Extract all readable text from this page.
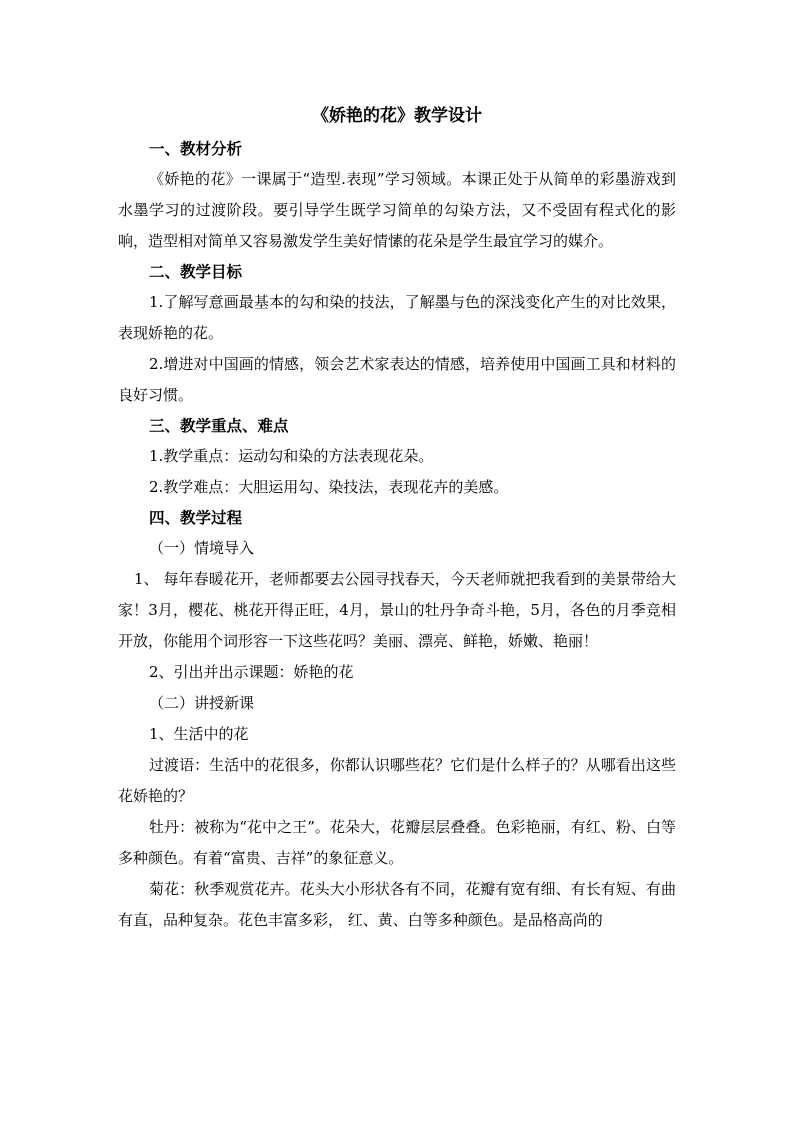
《娇艳的花》教学设计
一、教材分析

《娇艳的花》一课属于“造型.表现”学习领域。本课正处于从简单的彩墨游戏到水墨学习的过渡阶段。要引导学生既学习简单的勾染方法，又不受固有程式化的影响，造型相对简单又容易激发学生美好情愫的花朵是学生最宜学习的媒介。

二、教学目标

1.了解写意画最基本的勾和染的技法，了解墨与色的深浅变化产生的对比效果，表现娇艳的花。

2.增进对中国画的情感，领会艺术家表达的情感，培养使用中国画工具和材料的良好习惯。

三、教学重点、难点

1.教学重点：运动勾和染的方法表现花朵。

2.教学难点：大胆运用勾、染技法，表现花卉的美感。

四、教学过程
（一）情境导入

1、 每年春暖花开，老师都要去公园寻找春天，今天老师就把我看到的美景带给大家！3月，樱花、桃花开得正旺，4月，景山的牡丹争奇斗艳，5月，各色的月季竞相开放，你能用个词形容一下这些花吗？美丽、漂亮、鲜艳，娇嫩、艳丽！

2、引出并出示课题：娇艳的花

（二）讲授新课

1、生活中的花

过渡语：生活中的花很多，你都认识哪些花？它们是什么样子的？从哪看出这些花娇艳的？

牡丹：被称为“花中之王”。花朵大，花瓣层层叠叠。色彩艳丽，有红、粉、白等多种颜色。有着“富贵、吉祥”的象征意义。

菊花：秋季观赏花卉。花头大小形状各有不同，花瓣有宽有细、有长有短、有曲有直，品种复杂。花色丰富多彩， 红、黄、白等多种颜色。是品格高尚的
